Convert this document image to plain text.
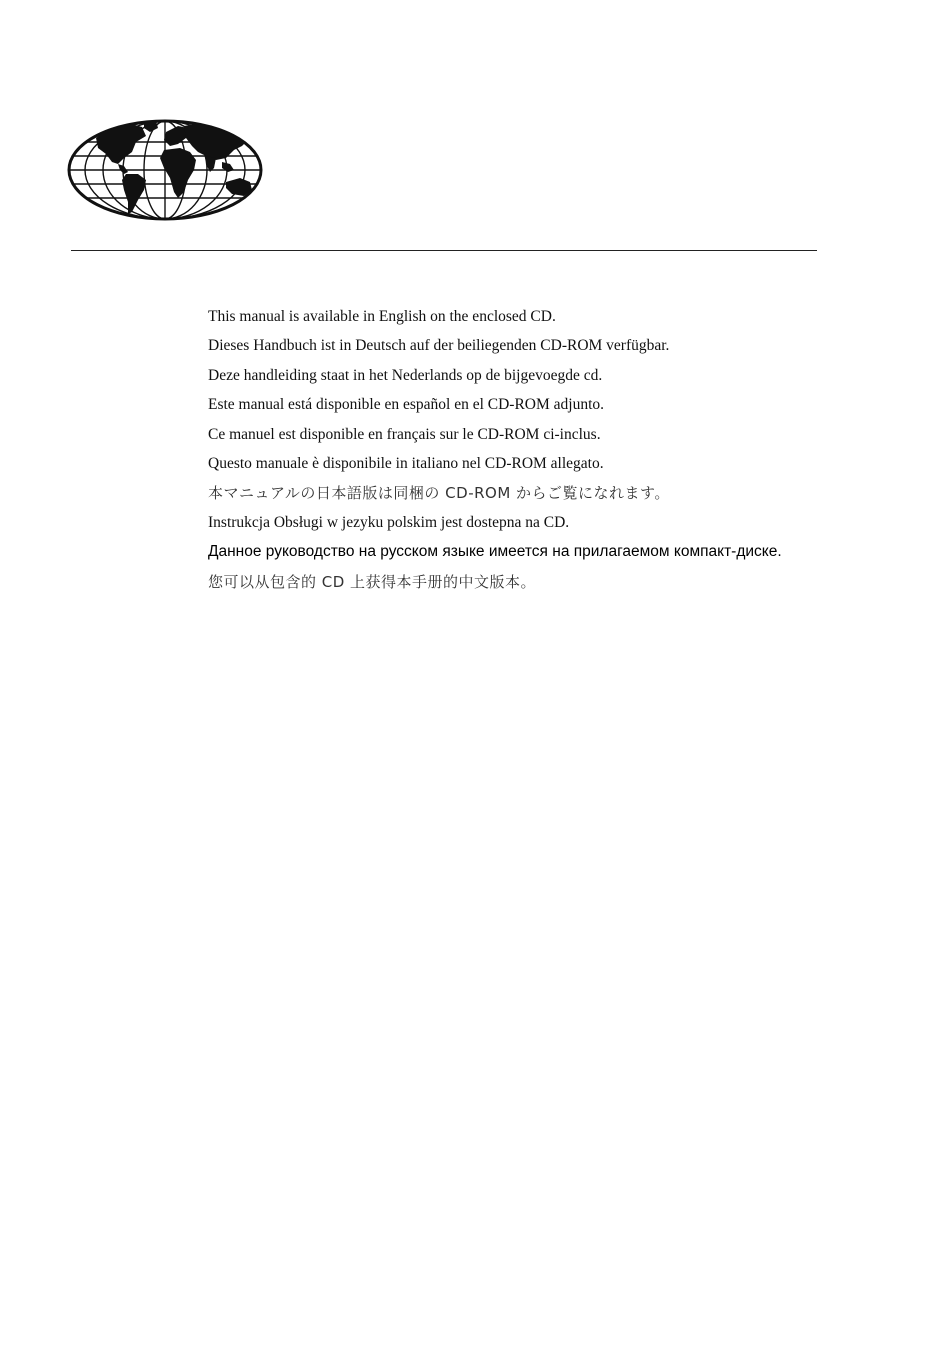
This manual is available in English on the enclosed CD.
Dieses Handbuch ist in Deutsch auf der beiliegenden CD-ROM verfügbar.
Deze handleiding staat in het Nederlands op de bijgevoegde cd.
Este manual está disponible en español en el CD-ROM adjunto.
Ce manuel est disponible en français sur le CD-ROM ci-inclus.
Questo manuale è disponibile in italiano nel CD-ROM allegato.
本マニュアルの日本語版は同梱の CD-ROM からご覧になれます。
Instrukcja Obsługi w jezyku polskim jest dostepna na CD.
Данное руководство на русском языке имеется на прилагаемом компакт-диске.
您可以从包含的 CD 上获得本手册的中文版本。
